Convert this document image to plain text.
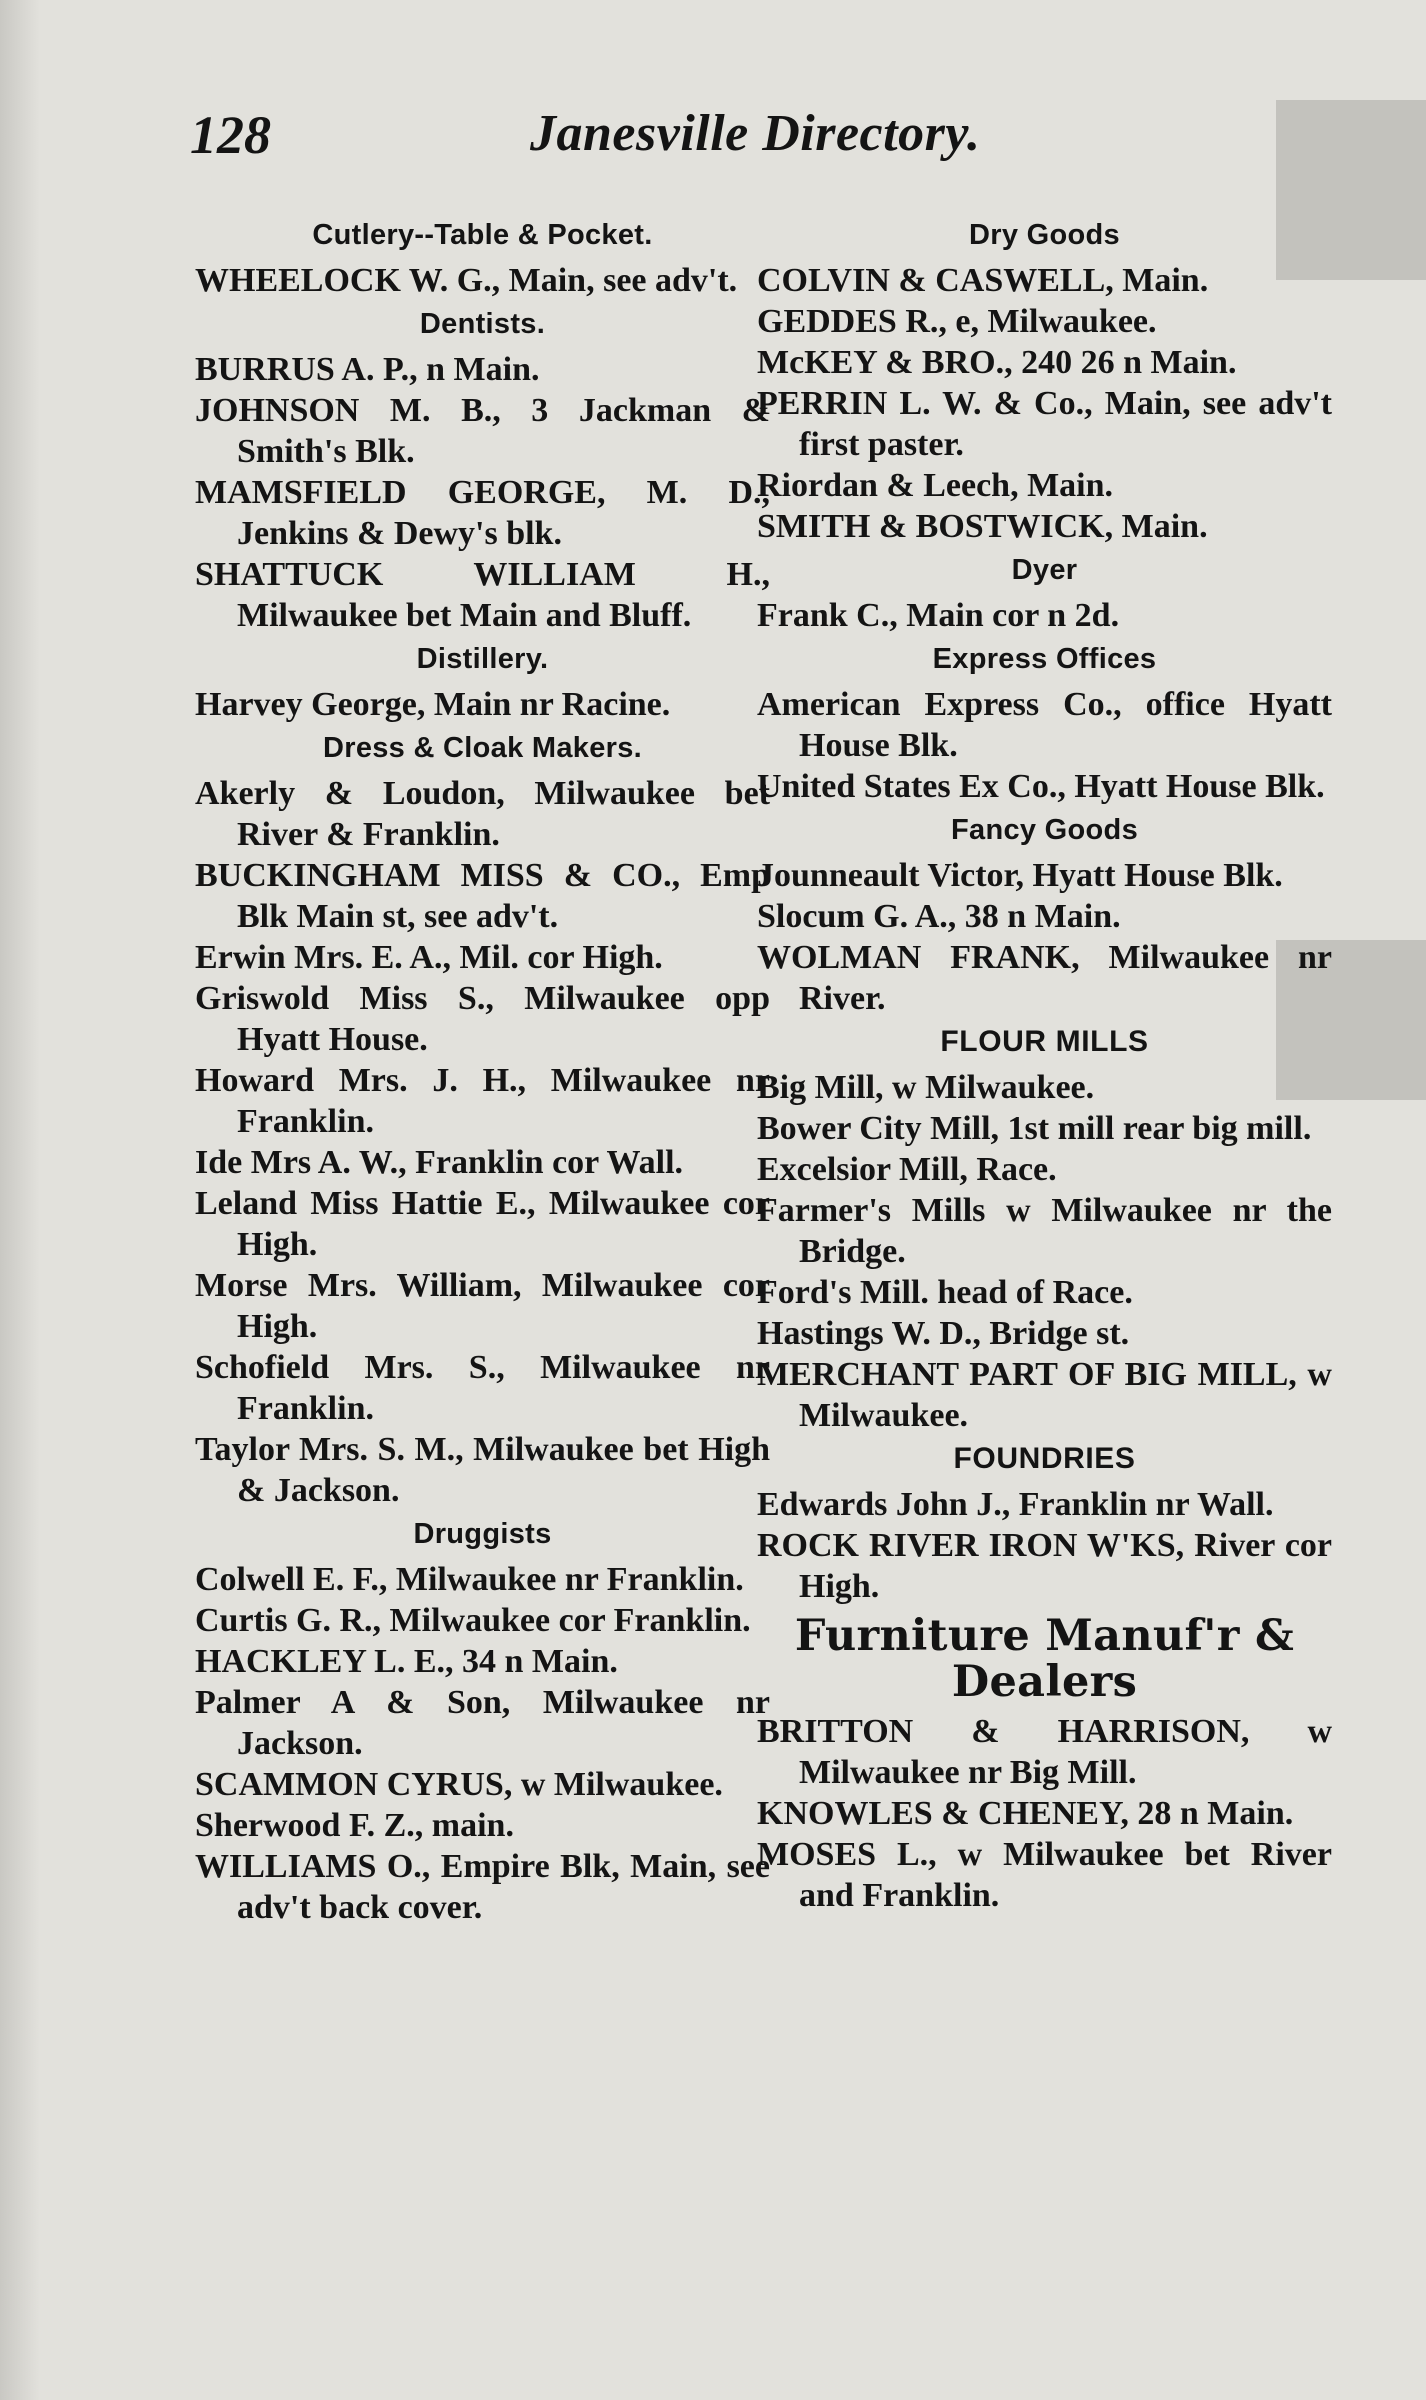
128	Janesville Directory.
Cutlery--Table & Pocket.
WHEELOCK W. G., Main, see adv't.
Dentists.
BURRUS A. P., n Main.
JOHNSON M. B., 3 Jackman & Smith's Blk.
MAMSFIELD GEORGE, M. D., Jenkins & Dewy's blk.
SHATTUCK WILLIAM H., Milwaukee bet Main and Bluff.
Distillery.
Harvey George, Main nr Racine.
Dress & Cloak Makers.
Akerly & Loudon, Milwaukee bet River & Franklin.
BUCKINGHAM MISS & CO., Emp Blk Main st, see adv't.
Erwin Mrs. E. A., Mil. cor High.
Griswold Miss S., Milwaukee opp Hyatt House.
Howard Mrs. J. H., Milwaukee nr Franklin.
Ide Mrs A. W., Franklin cor Wall.
Leland Miss Hattie E., Milwaukee cor High.
Morse Mrs. William, Milwaukee cor High.
Schofield Mrs. S., Milwaukee nr Franklin.
Taylor Mrs. S. M., Milwaukee bet High & Jackson.
Druggists
Colwell E. F., Milwaukee nr Franklin.
Curtis G. R., Milwaukee cor Franklin.
HACKLEY L. E., 34 n Main.
Palmer A & Son, Milwaukee nr Jackson.
SCAMMON CYRUS, w Milwaukee.
Sherwood F. Z., main.
WILLIAMS O., Empire Blk, Main, see adv't back cover.
Dry Goods
COLVIN & CASWELL, Main.
GEDDES R., e, Milwaukee.
McKEY & BRO., 240 26 n Main.
PERRIN L. W. & Co., Main, see adv't first paster.
Riordan & Leech, Main.
SMITH & BOSTWICK, Main.
Dyer
Frank C., Main cor n 2d.
Express Offices
American Express Co., office Hyatt House Blk.
United States Ex Co., Hyatt House Blk.
Fancy Goods
Jounneault Victor, Hyatt House Blk.
Slocum G. A., 38 n Main.
WOLMAN FRANK, Milwaukee nr River.
FLOUR MILLS
Big Mill, w Milwaukee.
Bower City Mill, 1st mill rear big mill.
Excelsior Mill, Race.
Farmer's Mills w Milwaukee nr the Bridge.
Ford's Mill. head of Race.
Hastings W. D., Bridge st.
MERCHANT PART OF BIG MILL, w Milwaukee.
FOUNDRIES
Edwards John J., Franklin nr Wall.
ROCK RIVER IRON W'KS, River cor High.
Furniture Manuf'r & Dealers
BRITTON & HARRISON, w Milwaukee nr Big Mill.
KNOWLES & CHENEY, 28 n Main.
MOSES L., w Milwaukee bet River and Franklin.
